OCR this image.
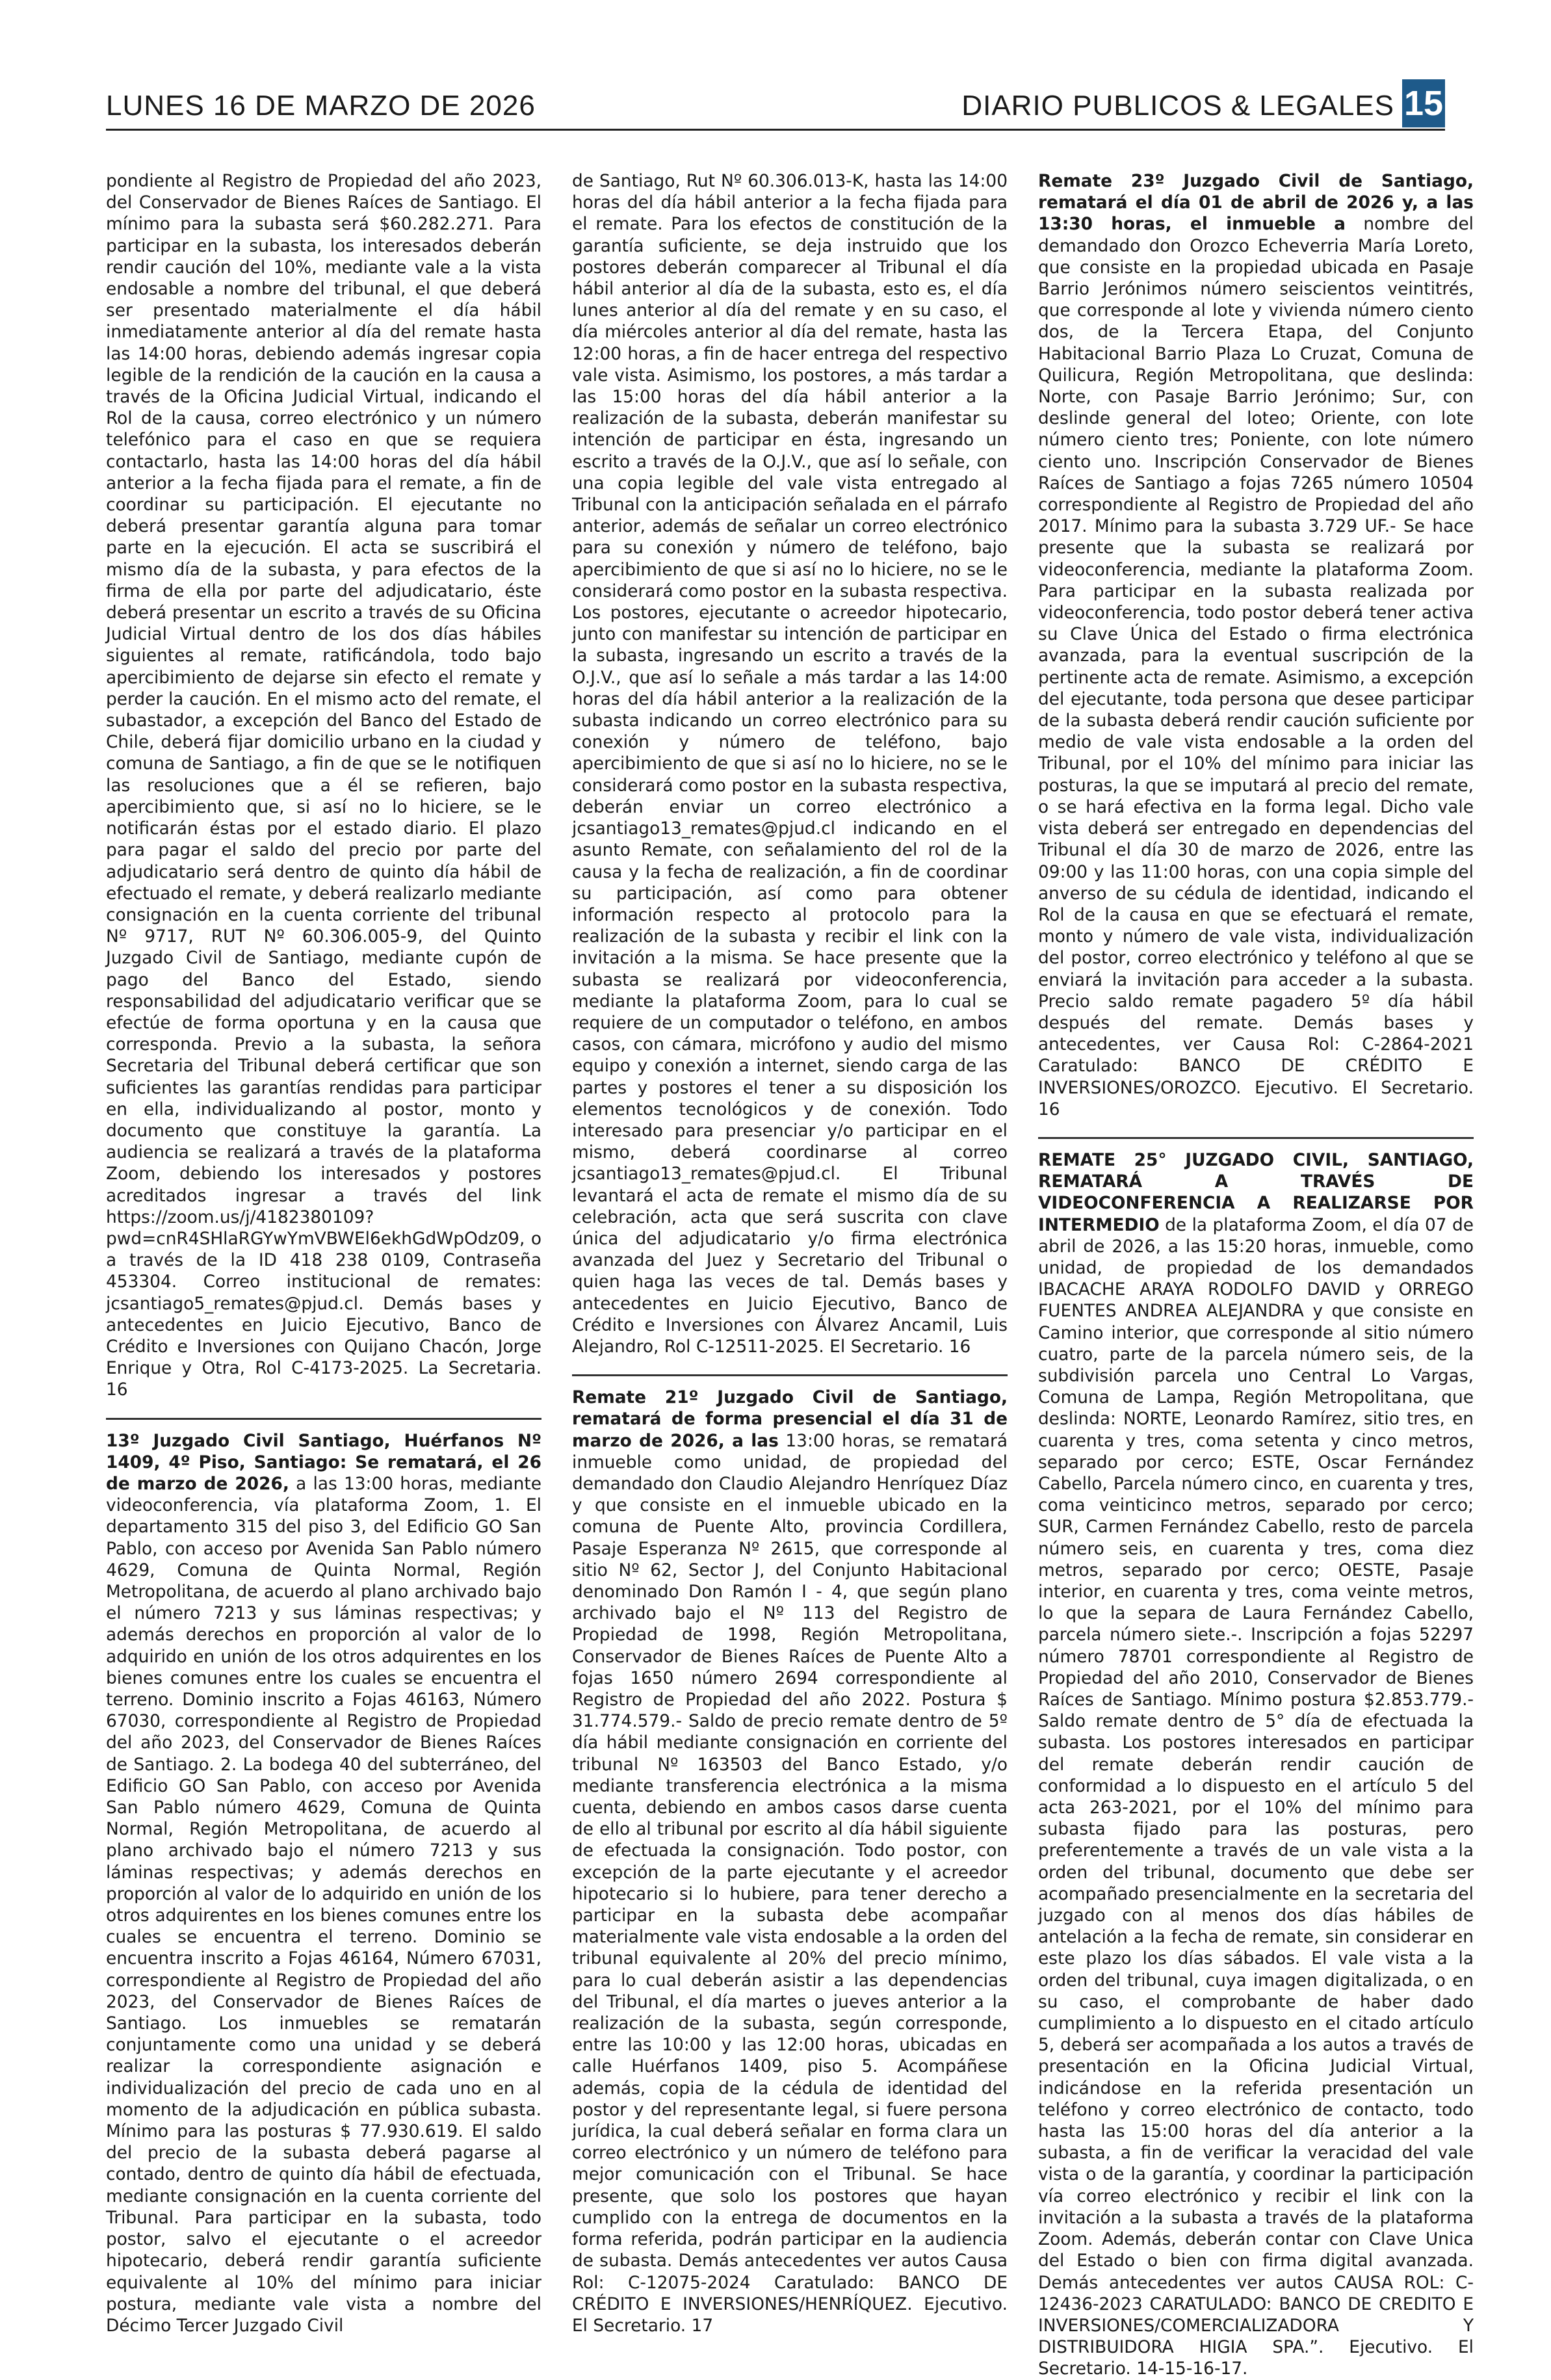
LUNES 16 DE MARZO DE 2026	DIARIO PUBLICOS & LEGALES 15

pondiente al Registro de Propiedad del año 2023, del Conservador de Bienes Raíces de Santiago. El mínimo para la subasta será $60.282.271. Para participar en la subasta, los interesados deberán rendir caución del 10%, mediante vale a la vista endosable a nombre del tribunal, el que deberá ser presentado materialmente el día hábil inmediatamente anterior al día del remate hasta las 14:00 horas, debiendo además ingresar copia legible de la rendición de la caución en la causa a través de la Oficina Judicial Virtual, indicando el Rol de la causa, correo electrónico y un número telefónico para el caso en que se requiera contactarlo, hasta las 14:00 horas del día hábil anterior a la fecha fijada para el remate, a fin de coordinar su participación. El ejecutante no deberá presentar garantía alguna para tomar parte en la ejecución. El acta se suscribirá el mismo día de la subasta, y para efectos de la firma de ella por parte del adjudicatario, éste deberá presentar un escrito a través de su Oficina Judicial Virtual dentro de los dos días hábiles siguientes al remate, ratificándola, todo bajo apercibimiento de dejarse sin efecto el remate y perder la caución. En el mismo acto del remate, el subastador, a excepción del Banco del Estado de Chile, deberá fijar domicilio urbano en la ciudad y comuna de Santiago, a fin de que se le notifiquen las resoluciones que a él se refieren, bajo apercibimiento que, si así no lo hiciere, se le notificarán éstas por el estado diario. El plazo para pagar el saldo del precio por parte del adjudicatario será dentro de quinto día hábil de efectuado el remate, y deberá realizarlo mediante consignación en la cuenta corriente del tribunal Nº 9717, RUT Nº 60.306.005-9, del Quinto Juzgado Civil de Santiago, mediante cupón de pago del Banco del Estado, siendo responsabilidad del adjudicatario verificar que se efectúe de forma oportuna y en la causa que corresponda. Previo a la subasta, la señora Secretaria del Tribunal deberá certificar que son suficientes las garantías rendidas para participar en ella, individualizando al postor, monto y documento que constituye la garantía. La audiencia se realizará a través de la plataforma Zoom, debiendo los interesados y postores acreditados ingresar a través del link https://zoom.us/j/4182380109?pwd=cnR4SHlaRGYwYmVBWEl6ekhGdWpOdz09, o a través de la ID 418 238 0109, Contraseña 453304. Correo institucional de remates: jcsantiago5_remates@pjud.cl. Demás bases y antecedentes en Juicio Ejecutivo, Banco de Crédito e Inversiones con Quijano Chacón, Jorge Enrique y Otra, Rol C-4173-2025. La Secretaria. 16

13º Juzgado Civil Santiago, Huérfanos Nº 1409, 4º Piso, Santiago: Se rematará, el 26 de marzo de 2026, a las 13:00 horas, mediante videoconferencia, vía plataforma Zoom, 1. El departamento 315 del piso 3, del Edificio GO San Pablo, con acceso por Avenida San Pablo número 4629, Comuna de Quinta Normal, Región Metropolitana, de acuerdo al plano archivado bajo el número 7213 y sus láminas respectivas; y además derechos en proporción al valor de lo adquirido en unión de los otros adquirentes en los bienes comunes entre los cuales se encuentra el terreno. Dominio inscrito a Fojas 46163, Número 67030, correspondiente al Registro de Propiedad del año 2023, del Conservador de Bienes Raíces de Santiago. 2. La bodega 40 del subterráneo, del Edificio GO San Pablo, con acceso por Avenida San Pablo número 4629, Comuna de Quinta Normal, Región Metropolitana, de acuerdo al plano archivado bajo el número 7213 y sus láminas respectivas; y además derechos en proporción al valor de lo adquirido en unión de los otros adquirentes en los bienes comunes entre los cuales se encuentra el terreno. Dominio se encuentra inscrito a Fojas 46164, Número 67031, correspondiente al Registro de Propiedad del año 2023, del Conservador de Bienes Raíces de Santiago. Los inmuebles se rematarán conjuntamente como una unidad y se deberá realizar la correspondiente asignación e individualización del precio de cada uno en al momento de la adjudicación en pública subasta. Mínimo para las posturas $ 77.930.619. El saldo del precio de la subasta deberá pagarse al contado, dentro de quinto día hábil de efectuada, mediante consignación en la cuenta corriente del Tribunal. Para participar en la subasta, todo postor, salvo el ejecutante o el acreedor hipotecario, deberá rendir garantía suficiente equivalente al 10% del mínimo para iniciar postura, mediante vale vista a nombre del Décimo Tercer Juzgado Civil

de Santiago, Rut Nº 60.306.013-K, hasta las 14:00 horas del día hábil anterior a la fecha fijada para el remate. Para los efectos de constitución de la garantía suficiente, se deja instruido que los postores deberán comparecer al Tribunal el día hábil anterior al día de la subasta, esto es, el día lunes anterior al día del remate y en su caso, el día miércoles anterior al día del remate, hasta las 12:00 horas, a fin de hacer entrega del respectivo vale vista. Asimismo, los postores, a más tardar a las 15:00 horas del día hábil anterior a la realización de la subasta, deberán manifestar su intención de participar en ésta, ingresando un escrito a través de la O.J.V., que así lo señale, con una copia legible del vale vista entregado al Tribunal con la anticipación señalada en el párrafo anterior, además de señalar un correo electrónico para su conexión y número de teléfono, bajo apercibimiento de que si así no lo hiciere, no se le considerará como postor en la subasta respectiva. Los postores, ejecutante o acreedor hipotecario, junto con manifestar su intención de participar en la subasta, ingresando un escrito a través de la O.J.V., que así lo señale a más tardar a las 14:00 horas del día hábil anterior a la realización de la subasta indicando un correo electrónico para su conexión y número de teléfono, bajo apercibimiento de que si así no lo hiciere, no se le considerará como postor en la subasta respectiva, deberán enviar un correo electrónico a jcsantiago13_remates@pjud.cl indicando en el asunto Remate, con señalamiento del rol de la causa y la fecha de realización, a fin de coordinar su participación, así como para obtener información respecto al protocolo para la realización de la subasta y recibir el link con la invitación a la misma. Se hace presente que la subasta se realizará por videoconferencia, mediante la plataforma Zoom, para lo cual se requiere de un computador o teléfono, en ambos casos, con cámara, micrófono y audio del mismo equipo y conexión a internet, siendo carga de las partes y postores el tener a su disposición los elementos tecnológicos y de conexión. Todo interesado para presenciar y/o participar en el mismo, deberá coordinarse al correo jcsantiago13_remates@pjud.cl. El Tribunal levantará el acta de remate el mismo día de su celebración, acta que será suscrita con clave única del adjudicatario y/o firma electrónica avanzada del Juez y Secretario del Tribunal o quien haga las veces de tal. Demás bases y antecedentes en Juicio Ejecutivo, Banco de Crédito e Inversiones con Álvarez Ancamil, Luis Alejandro, Rol C-12511-2025. El Secretario. 16

Remate 21º Juzgado Civil de Santiago, rematará de forma presencial el día 31 de marzo de 2026, a las 13:00 horas, se rematará inmueble como unidad, de propiedad del demandado don Claudio Alejandro Henríquez Díaz y que consiste en el inmueble ubicado en la comuna de Puente Alto, provincia Cordillera, Pasaje Esperanza Nº 2615, que corresponde al sitio Nº 62, Sector J, del Conjunto Habitacional denominado Don Ramón I - 4, que según plano archivado bajo el Nº 113 del Registro de Propiedad de 1998, Región Metropolitana, Conservador de Bienes Raíces de Puente Alto a fojas 1650 número 2694 correspondiente al Registro de Propiedad del año 2022. Postura $ 31.774.579.- Saldo de precio remate dentro de 5º día hábil mediante consignación en corriente del tribunal Nº 163503 del Banco Estado, y/o mediante transferencia electrónica a la misma cuenta, debiendo en ambos casos darse cuenta de ello al tribunal por escrito al día hábil siguiente de efectuada la consignación. Todo postor, con excepción de la parte ejecutante y el acreedor hipotecario si lo hubiere, para tener derecho a participar en la subasta debe acompañar materialmente vale vista endosable a la orden del tribunal equivalente al 20% del precio mínimo, para lo cual deberán asistir a las dependencias del Tribunal, el día martes o jueves anterior a la realización de la subasta, según corresponde, entre las 10:00 y las 12:00 horas, ubicadas en calle Huérfanos 1409, piso 5. Acompáñese además, copia de la cédula de identidad del postor y del representante legal, si fuere persona jurídica, la cual deberá señalar en forma clara un correo electrónico y un número de teléfono para mejor comunicación con el Tribunal. Se hace presente, que solo los postores que hayan cumplido con la entrega de documentos en la forma referida, podrán participar en la audiencia de subasta. Demás antecedentes ver autos Causa Rol: C-12075-2024 Caratulado: BANCO DE CRÉDITO E INVERSIONES/HENRÍQUEZ. Ejecutivo. El Secretario. 17

Remate 23º Juzgado Civil de Santiago, rematará el día 01 de abril de 2026 y, a las 13:30 horas, el inmueble a nombre del demandado don Orozco Echeverria María Loreto, que consiste en la propiedad ubicada en Pasaje Barrio Jerónimos número seiscientos veintitrés, que corresponde al lote y vivienda número ciento dos, de la Tercera Etapa, del Conjunto Habitacional Barrio Plaza Lo Cruzat, Comuna de Quilicura, Región Metropolitana, que deslinda: Norte, con Pasaje Barrio Jerónimo; Sur, con deslinde general del loteo; Oriente, con lote número ciento tres; Poniente, con lote número ciento uno. Inscripción Conservador de Bienes Raíces de Santiago a fojas 7265 número 10504 correspondiente al Registro de Propiedad del año 2017. Mínimo para la subasta 3.729 UF.- Se hace presente que la subasta se realizará por videoconferencia, mediante la plataforma Zoom. Para participar en la subasta realizada por videoconferencia, todo postor deberá tener activa su Clave Única del Estado o firma electrónica avanzada, para la eventual suscripción de la pertinente acta de remate. Asimismo, a excepción del ejecutante, toda persona que desee participar de la subasta deberá rendir caución suficiente por medio de vale vista endosable a la orden del Tribunal, por el 10% del mínimo para iniciar las posturas, la que se imputará al precio del remate, o se hará efectiva en la forma legal. Dicho vale vista deberá ser entregado en dependencias del Tribunal el día 30 de marzo de 2026, entre las 09:00 y las 11:00 horas, con una copia simple del anverso de su cédula de identidad, indicando el Rol de la causa en que se efectuará el remate, monto y número de vale vista, individualización del postor, correo electrónico y teléfono al que se enviará la invitación para acceder a la subasta. Precio saldo remate pagadero 5º día hábil después del remate. Demás bases y antecedentes, ver Causa Rol: C-2864-2021 Caratulado: BANCO DE CRÉDITO E INVERSIONES/OROZCO. Ejecutivo. El Secretario. 16

REMATE 25° JUZGADO CIVIL, SANTIAGO, REMATARÁ A TRAVÉS DE VIDEOCONFERENCIA A REALIZARSE POR INTERMEDIO de la plataforma Zoom, el día 07 de abril de 2026, a las 15:20 horas, inmueble, como unidad, de propiedad de los demandados IBACACHE ARAYA RODOLFO DAVID y ORREGO FUENTES ANDREA ALEJANDRA y que consiste en Camino interior, que corresponde al sitio número cuatro, parte de la parcela número seis, de la subdivisión parcela uno Central Lo Vargas, Comuna de Lampa, Región Metropolitana, que deslinda: NORTE, Leonardo Ramírez, sitio tres, en cuarenta y tres, coma setenta y cinco metros, separado por cerco; ESTE, Oscar Fernández Cabello, Parcela número cinco, en cuarenta y tres, coma veinticinco metros, separado por cerco; SUR, Carmen Fernández Cabello, resto de parcela número seis, en cuarenta y tres, coma diez metros, separado por cerco; OESTE, Pasaje interior, en cuarenta y tres, coma veinte metros, lo que la separa de Laura Fernández Cabello, parcela número siete.-. Inscripción a fojas 52297 número 78701 correspondiente al Registro de Propiedad del año 2010, Conservador de Bienes Raíces de Santiago. Mínimo postura $2.853.779.- Saldo remate dentro de 5° día de efectuada la subasta. Los postores interesados en participar del remate deberán rendir caución de conformidad a lo dispuesto en el artículo 5 del acta 263-2021, por el 10% del mínimo para subasta fijado para las posturas, pero preferentemente a través de un vale vista a la orden del tribunal, documento que debe ser acompañado presencialmente en la secretaria del juzgado con al menos dos días hábiles de antelación a la fecha de remate, sin considerar en este plazo los días sábados. El vale vista a la orden del tribunal, cuya imagen digitalizada, o en su caso, el comprobante de haber dado cumplimiento a lo dispuesto en el citado artículo 5, deberá ser acompañada a los autos a través de presentación en la Oficina Judicial Virtual, indicándose en la referida presentación un teléfono y correo electrónico de contacto, todo hasta las 15:00 horas del día anterior a la subasta, a fin de verificar la veracidad del vale vista o de la garantía, y coordinar la participación vía correo electrónico y recibir el link con la invitación a la subasta a través de la plataforma Zoom. Además, deberán contar con Clave Unica del Estado o bien con firma digital avanzada. Demás antecedentes ver autos CAUSA ROL: C-12436-2023 CARATULADO: BANCO DE CREDITO E INVERSIONES/COMERCIALIZADORA Y DISTRIBUIDORA HIGIA SPA.”. Ejecutivo. El Secretario. 14-15-16-17.
